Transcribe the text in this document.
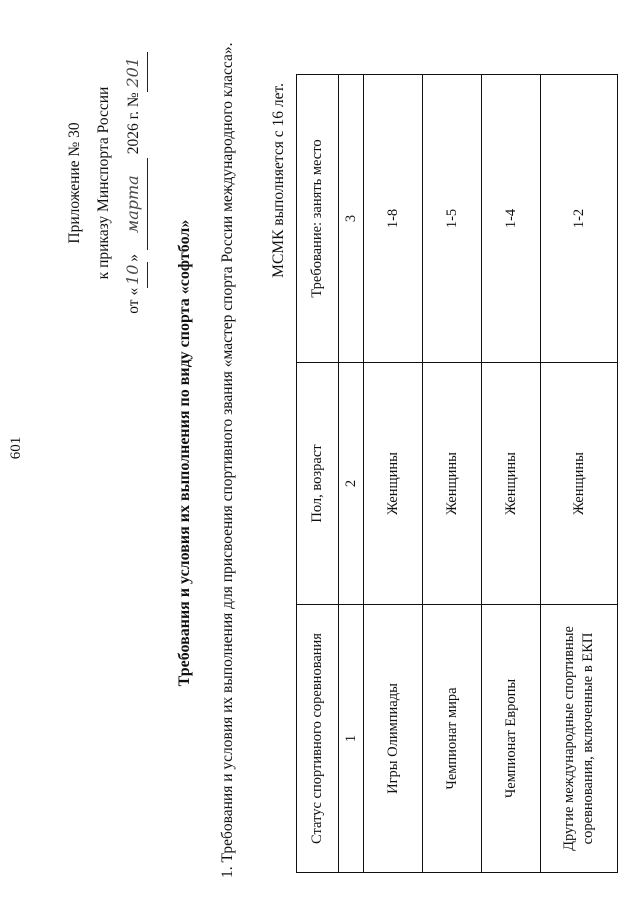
601
Приложение № 30 к приказу Минспорта России
от «10» марта 2026 г. №201
Требования и условия их выполнения по виду спорта «софтбол»	1. Требования и условия их выполнения для присвоения спортивного звания «мастер спорта России международного класса».	МСМК выполняется с 16 лет.
Статус спортивного соревнования	Пол, возраст	Требование: занять место
1	2	3
Игры Олимпиады	Женщины	1-8
Чемпионат мира	Женщины	1-5
Чемпионат Европы	Женщины	1-4
Другие международные спортивные соревнования, включенные в ЕКП	Женщины	1-2
